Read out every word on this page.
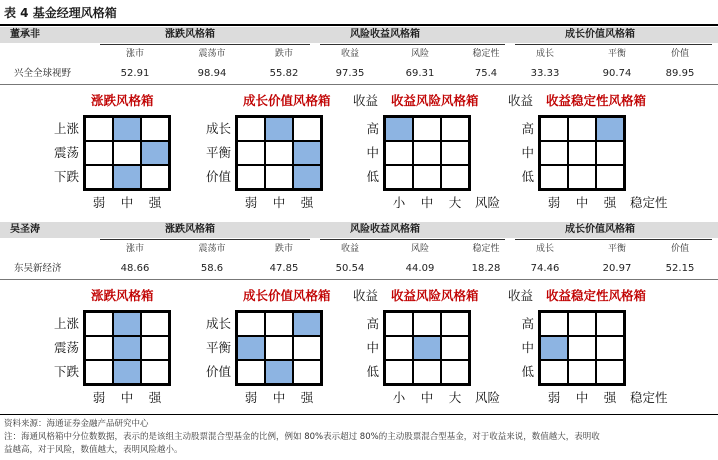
表 4 基金经理风格箱
董承非	涨跌风格箱	风险收益风格箱	成长价值风格箱
涨市	震荡市	跌市	收益	风险	稳定性	成长	平衡	价值
兴全全球视野	52.91	98.94	55.82	97.35	69.31	75.4	33.33	90.74	89.95
涨跌风格箱
上涨
震荡
下跌
弱	中	强
成长价值风格箱
成长
平衡
价值
弱	中	强
收益 收益风险风格箱
高
中
低
小	中	大	风险
收益 收益稳定性风格箱
高
中
低
弱	中	强	稳定性
吴圣涛	涨跌风格箱	风险收益风格箱	成长价值风格箱
涨市	震荡市	跌市	收益	风险	稳定性	成长	平衡	价值
东吴新经济	48.66	58.6	47.85	50.54	44.09	18.28	74.46	20.97	52.15
涨跌风格箱
上涨
震荡
下跌
弱	中	强
成长价值风格箱
成长
平衡
价值
弱	中	强
收益 收益风险风格箱
高
中
低
小	中	大	风险
收益 收益稳定性风格箱
高
中
低
弱	中	强	稳定性
资料来源：海通证券金融产品研究中心
注：海通风格箱中分位数数据，表示的是该组主动股票混合型基金的比例，例如 80%表示超过 80%的主动股票混合型基金，对于收益来说，数值越大，表明收
益越高，对于风险，数值越大，表明风险越小。
